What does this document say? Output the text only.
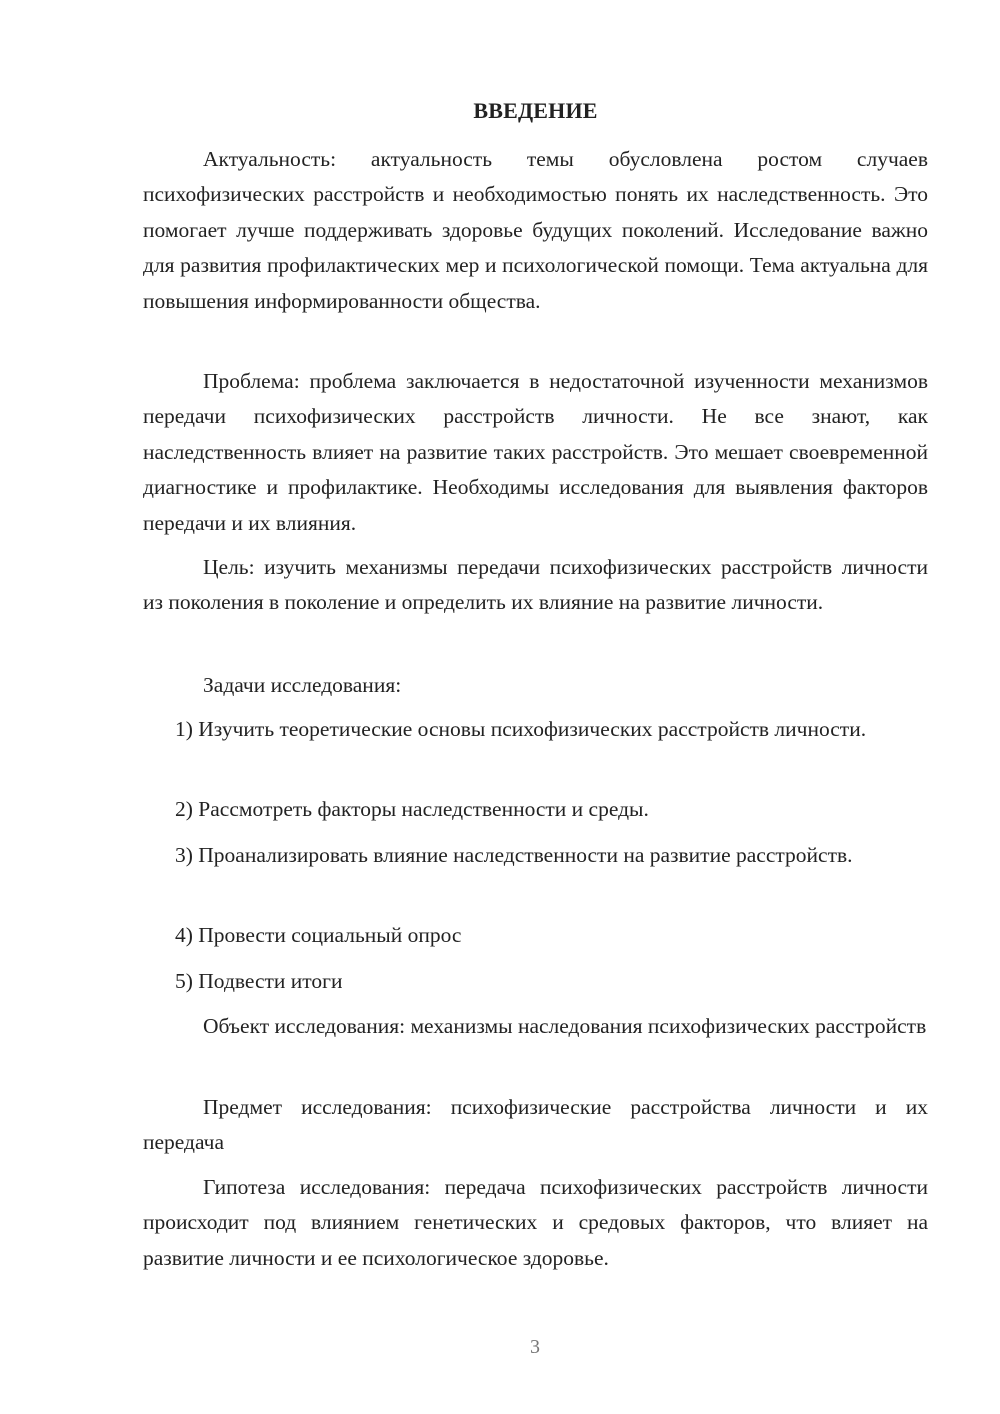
ВВЕДЕНИЕ

Актуальность: актуальность темы обусловлена ростом случаев психофизических расстройств и необходимостью понять их наследственность. Это помогает лучше поддерживать здоровье будущих поколений. Исследование важно для развития профилактических мер и психологической помощи. Тема актуальна для повышения информированности общества.

Проблема: проблема заключается в недостаточной изученности механизмов передачи психофизических расстройств личности. Не все знают, как наследственность влияет на развитие таких расстройств. Это мешает своевременной диагностике и профилактике. Необходимы исследования для выявления факторов передачи и их влияния.

Цель: изучить механизмы передачи психофизических расстройств личности из поколения в поколение и определить их влияние на развитие личности.

Задачи исследования:

1) Изучить теоретические основы психофизических расстройств личности.

2) Рассмотреть факторы наследственности и среды.

3) Проанализировать влияние наследственности на развитие расстройств.

4) Провести социальный опрос

5) Подвести итоги

Объект исследования: механизмы наследования психофизических расстройств

Предмет исследования: психофизические расстройства личности и их передача

Гипотеза исследования: передача психофизических расстройств личности происходит под влиянием генетических и средовых факторов, что влияет на развитие личности и ее психологическое здоровье.

3
